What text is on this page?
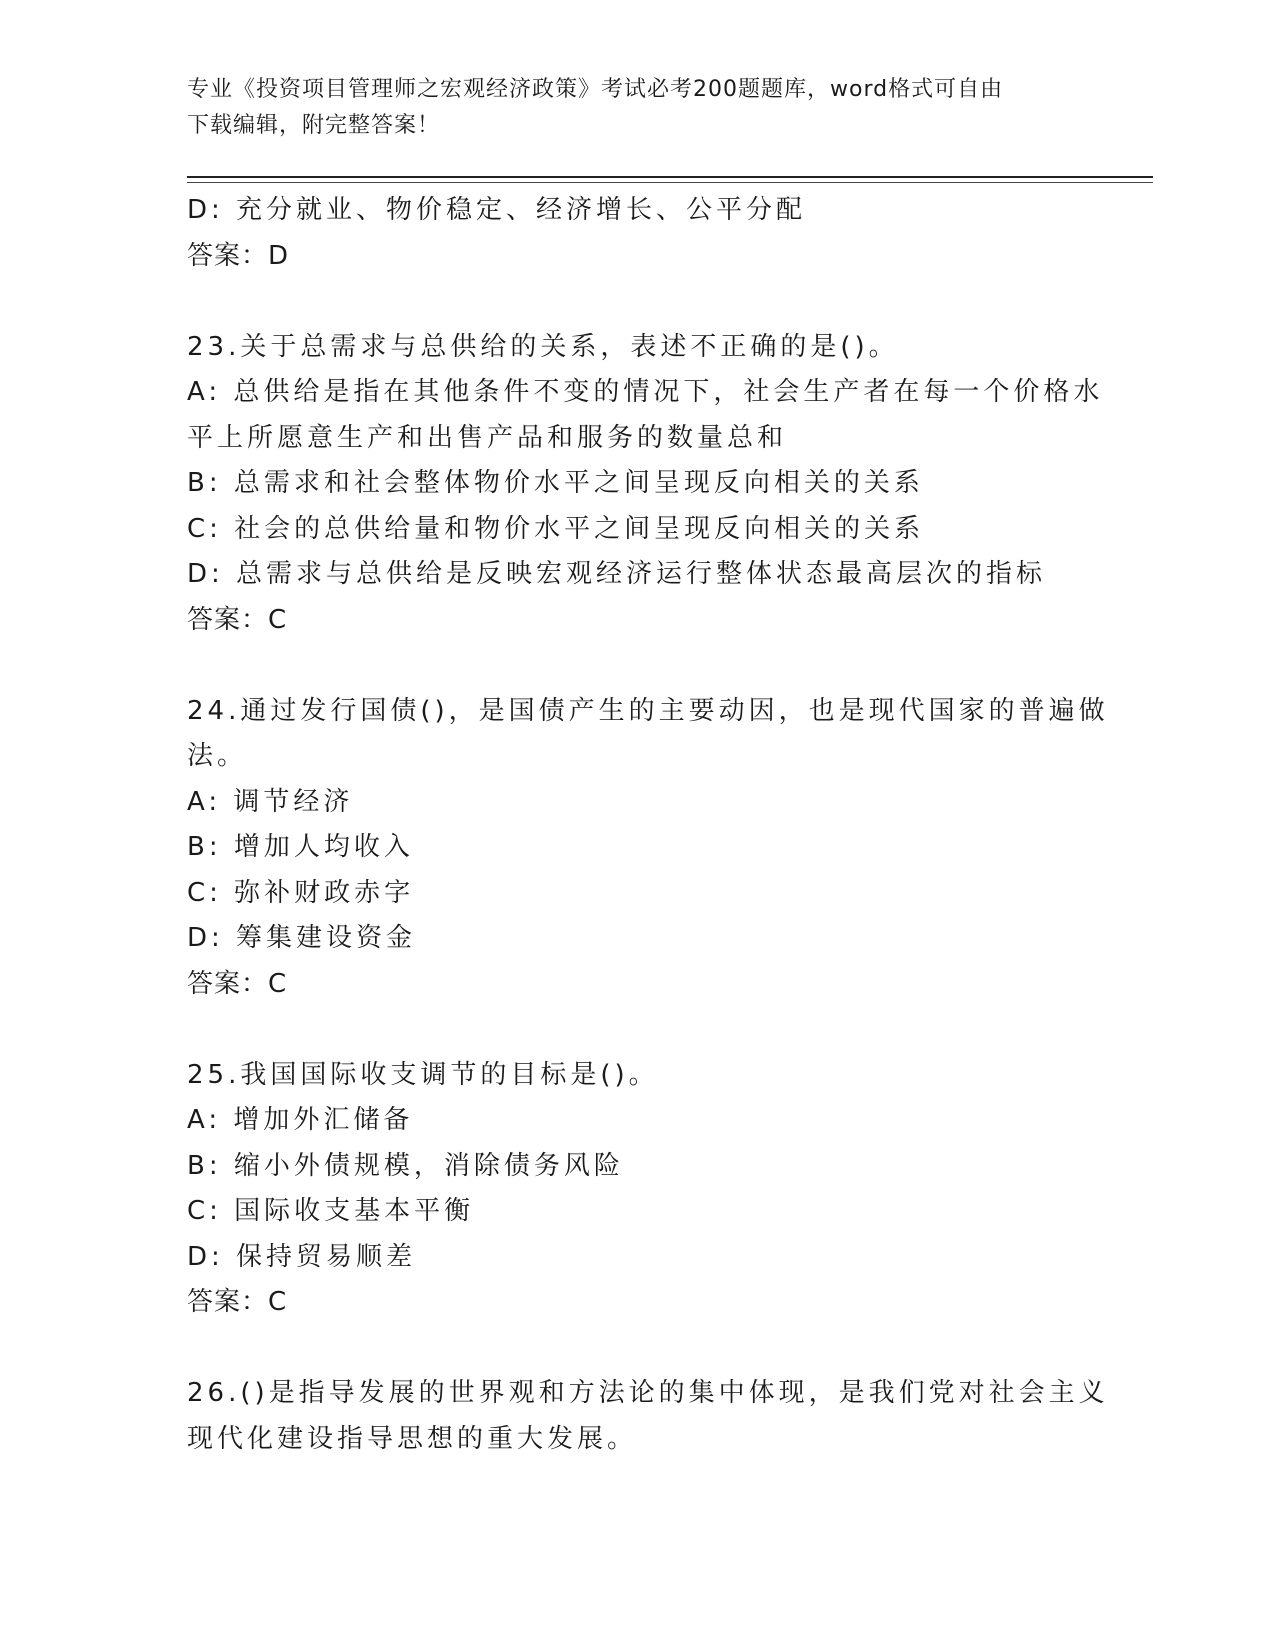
专业《投资项目管理师之宏观经济政策》考试必考200题题库，word格式可自由
下载编辑，附完整答案！
D: 充分就业、物价稳定、经济增长、公平分配
答案：D
23.关于总需求与总供给的关系，表述不正确的是()。
A: 总供给是指在其他条件不变的情况下，社会生产者在每一个价格水
平上所愿意生产和出售产品和服务的数量总和
B: 总需求和社会整体物价水平之间呈现反向相关的关系
C: 社会的总供给量和物价水平之间呈现反向相关的关系
D: 总需求与总供给是反映宏观经济运行整体状态最高层次的指标
答案：C
24.通过发行国债()，是国债产生的主要动因，也是现代国家的普遍做
法。
A: 调节经济
B: 增加人均收入
C: 弥补财政赤字
D: 筹集建设资金
答案：C
25.我国国际收支调节的目标是()。
A: 增加外汇储备
B: 缩小外债规模，消除债务风险
C: 国际收支基本平衡
D: 保持贸易顺差
答案：C
26.()是指导发展的世界观和方法论的集中体现，是我们党对社会主义
现代化建设指导思想的重大发展。
